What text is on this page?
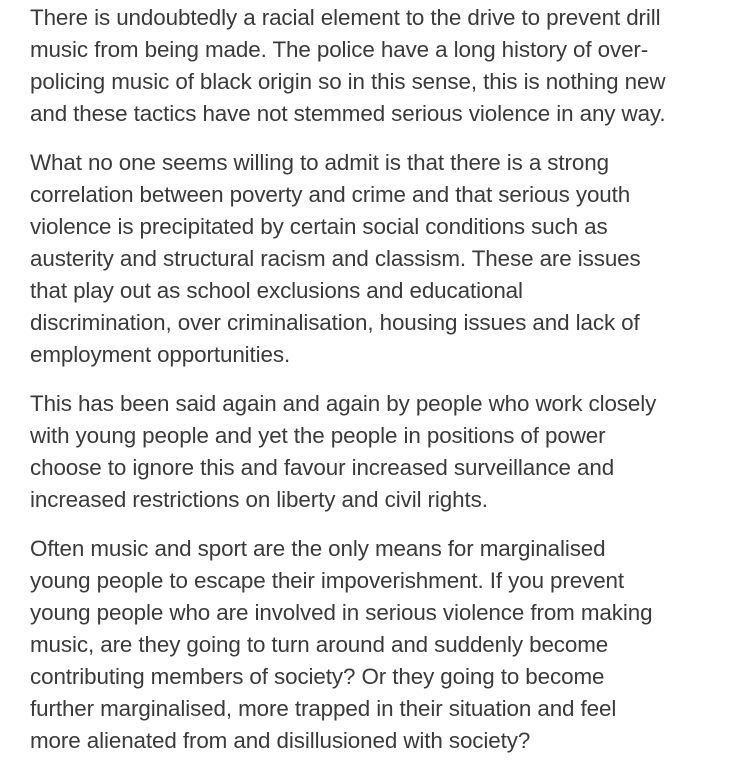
There is undoubtedly a racial element to the drive to prevent drill
music from being made. The police have a long history of over-
policing music of black origin so in this sense, this is nothing new
and these tactics have not stemmed serious violence in any way.

What no one seems willing to admit is that there is a strong
correlation between poverty and crime and that serious youth
violence is precipitated by certain social conditions such as
austerity and structural racism and classism. These are issues
that play out as school exclusions and educational
discrimination, over criminalisation, housing issues and lack of
employment opportunities.

This has been said again and again by people who work closely
with young people and yet the people in positions of power
choose to ignore this and favour increased surveillance and
increased restrictions on liberty and civil rights.

Often music and sport are the only means for marginalised
young people to escape their impoverishment. If you prevent
young people who are involved in serious violence from making
music, are they going to turn around and suddenly become
contributing members of society? Or they going to become
further marginalised, more trapped in their situation and feel
more alienated from and disillusioned with society?
